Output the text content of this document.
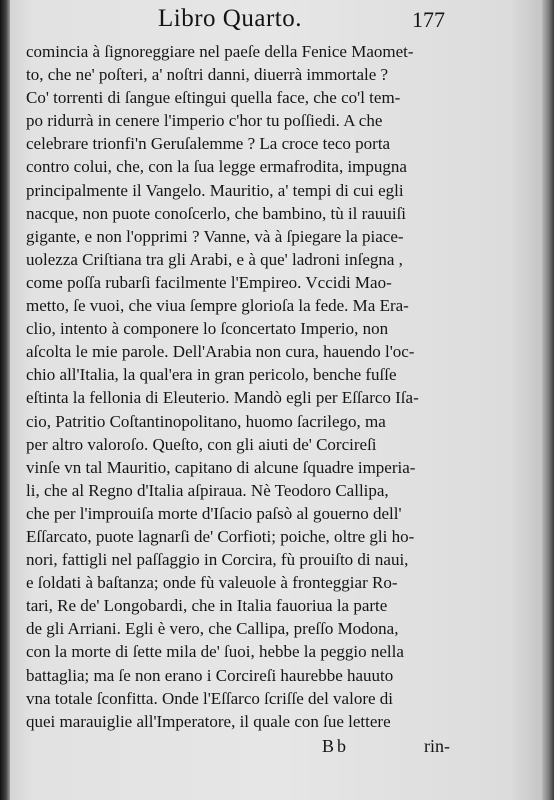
Libro Quarto.	177
comincia à ſignoreggiare nel paeſe della Fenice Maomet-
to, che ne' poſteri, a' noſtri danni, diuerrà immortale ?
Co' torrenti di ſangue eſtingui quella face, che co'l tem-
po ridurrà in cenere l'imperio c'hor tu poſſiedi. A che
celebrare trionfi'n Geruſalemme ? La croce teco porta
contro colui, che, con la ſua legge ermafrodita, impugna
principalmente il Vangelo. Mauritio, a' tempi di cui egli
nacque, non puote conoſcerlo, che bambino, tù il rauuiſi
gigante, e non l'opprimi ? Vanne, và à ſpiegare la piace-
uolezza Criſtiana tra gli Arabi, e à que' ladroni inſegna ,
come poſſa rubarſi facilmente l'Empireo. Vccidi Mao-
metto, ſe vuoi, che viua ſempre glorioſa la fede. Ma Era-
clio, intento à componere lo ſconcertato Imperio, non
aſcolta le mie parole. Dell'Arabia non cura, hauendo l'oc-
chio all'Italia, la qual'era in gran pericolo, benche fuſſe
eſtinta la fellonia di Eleuterio. Mandò egli per Eſſarco Iſa-
cio, Patritio Coſtantinopolitano, huomo ſacrilego, ma
per altro valoroſo. Queſto, con gli aiuti de' Corcireſi
vinſe vn tal Mauritio, capitano di alcune ſquadre imperia-
li, che al Regno d'Italia aſpiraua. Nè Teodoro Callipa,
che per l'improuiſa morte d'Iſacio paſsò al gouerno dell'
Eſſarcato, puote lagnarſi de' Corfioti; poiche, oltre gli ho-
nori, fattigli nel paſſaggio in Corcira, fù prouiſto di naui,
e ſoldati à baſtanza; onde fù valeuole à fronteggiar Ro-
tari, Re de' Longobardi, che in Italia fauoriua la parte
de gli Arriani. Egli è vero, che Callipa, preſſo Modona,
con la morte di ſette mila de' ſuoi, hebbe la peggio nella
battaglia; ma ſe non erano i Corcireſi haurebbe hauuto
vna totale ſconfitta. Onde l'Eſſarco ſcriſſe del valore di
quei marauiglie all'Imperatore, il quale con ſue lettere
Bb	rin-
